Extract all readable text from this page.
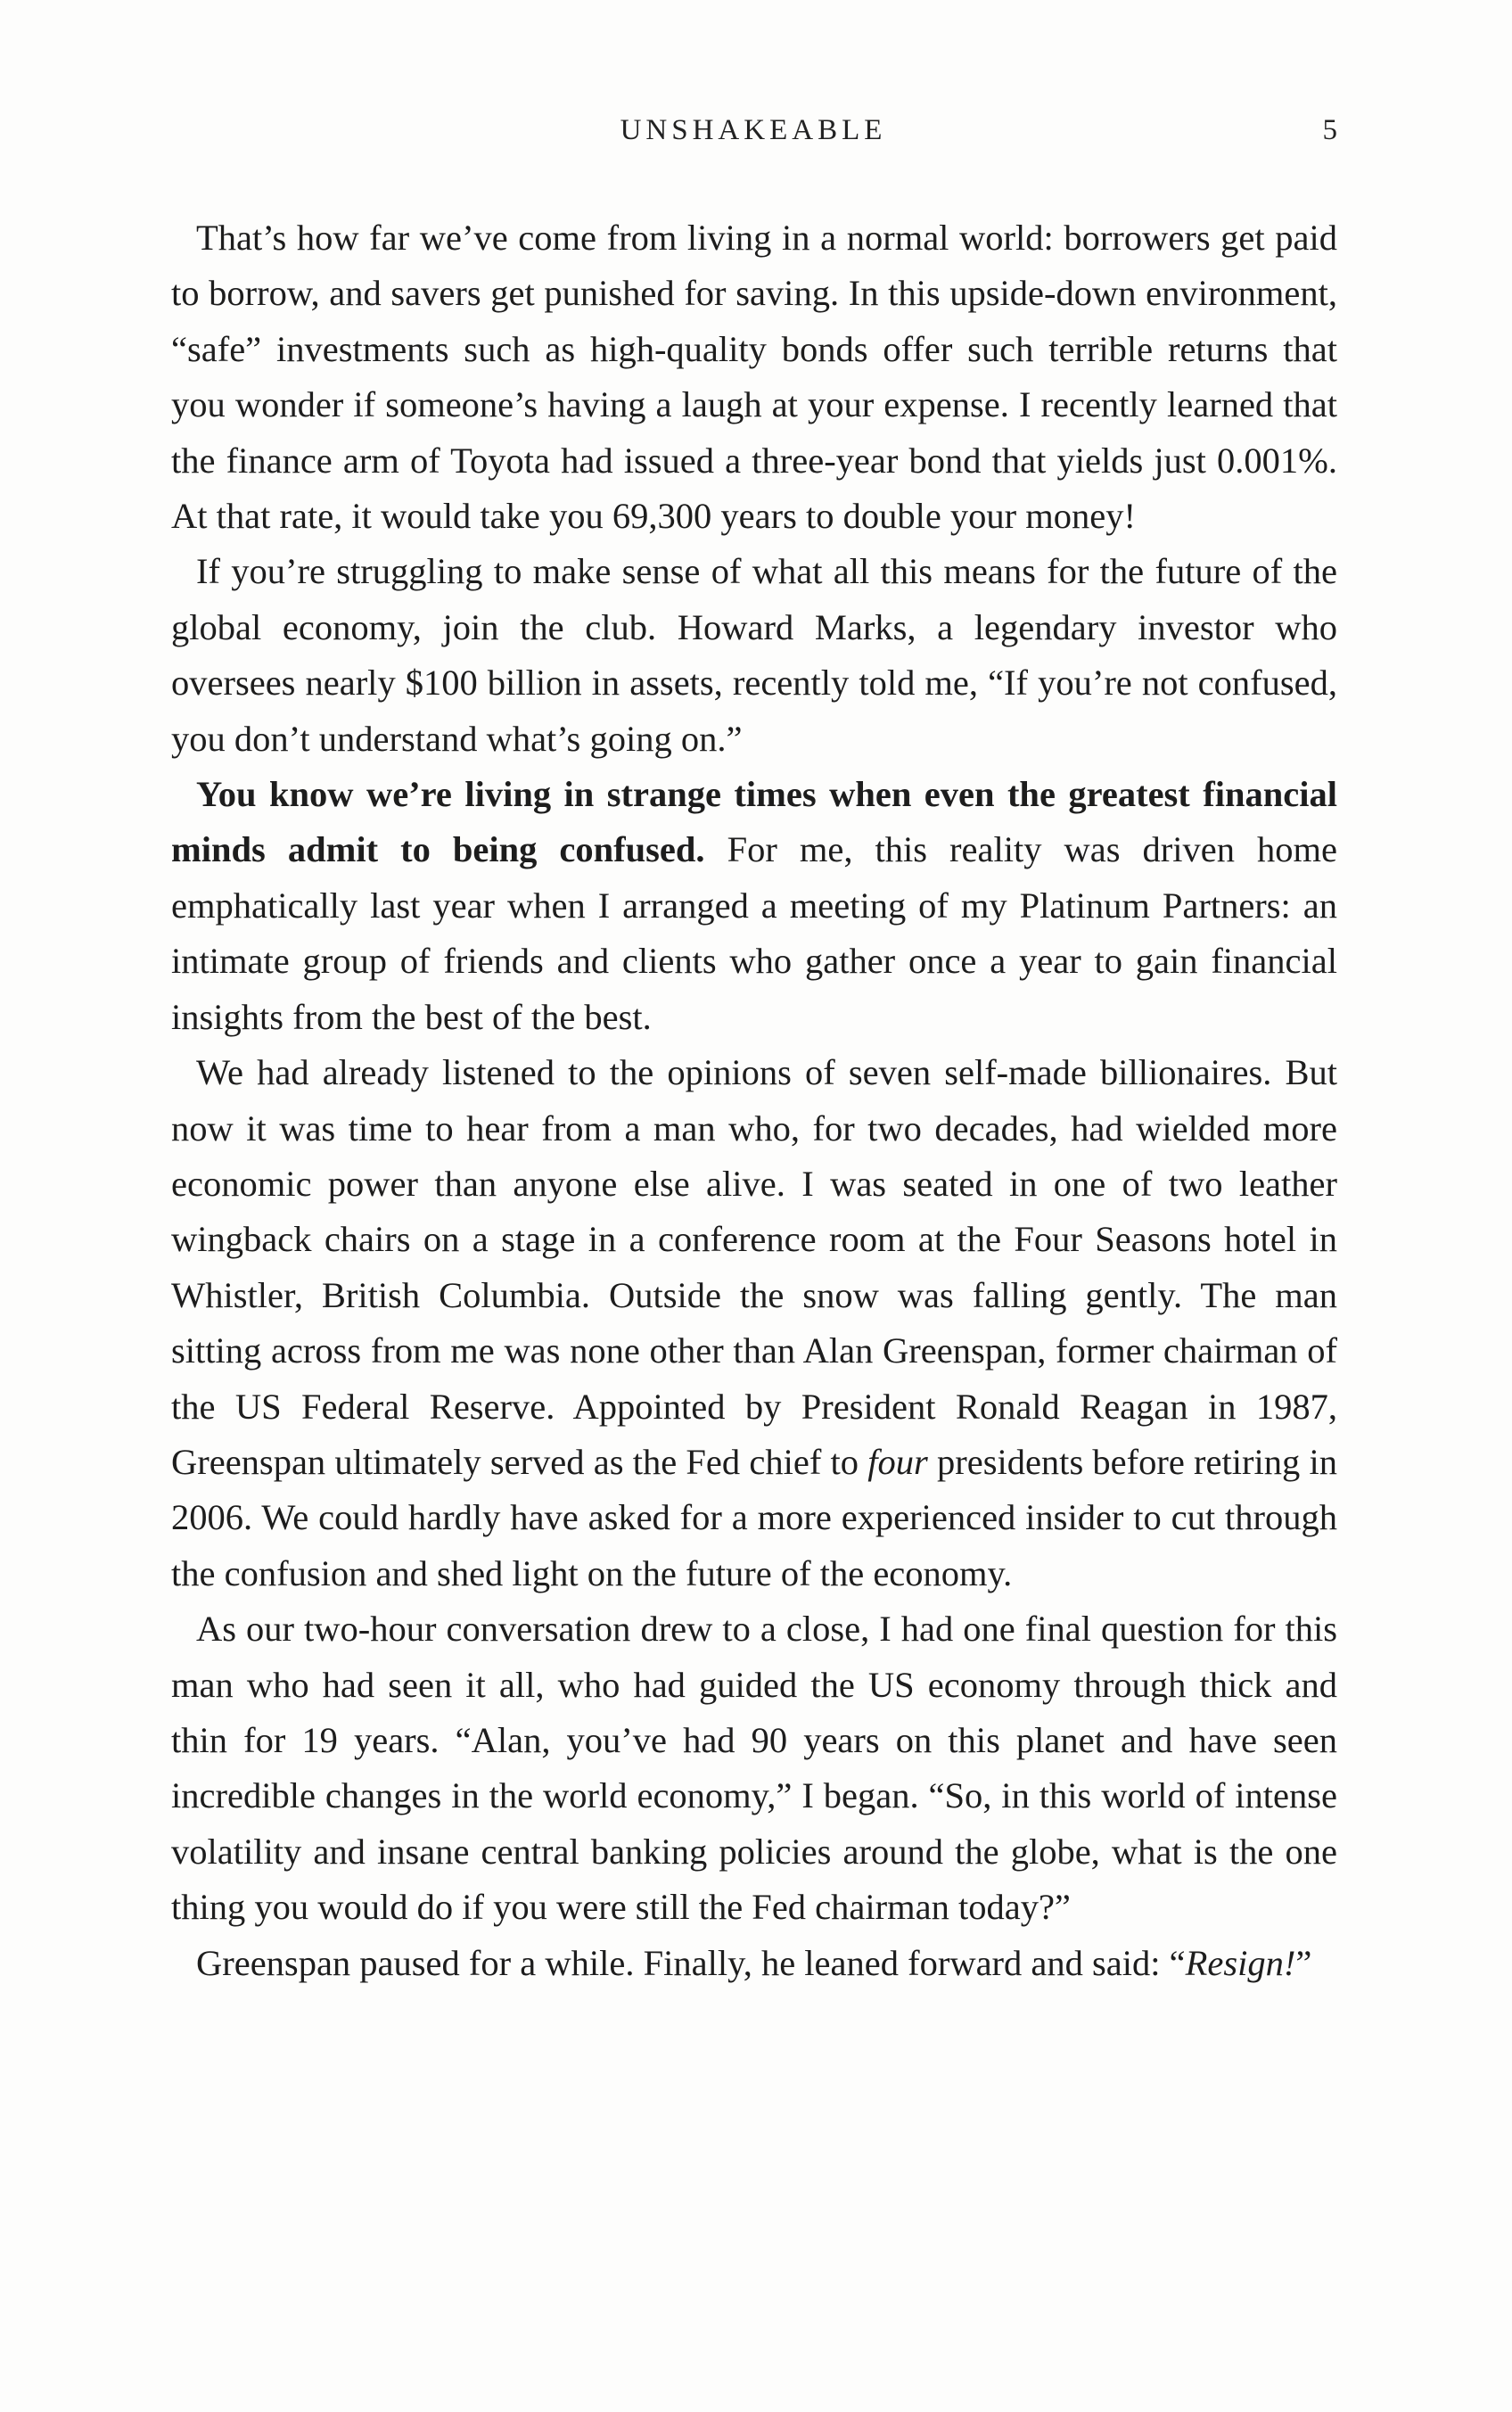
UNSHAKEABLE	5

That’s how far we’ve come from living in a normal world: borrowers get paid to borrow, and savers get punished for saving. In this upside-down environment, “safe” investments such as high-quality bonds offer such terrible returns that you wonder if someone’s having a laugh at your expense. I recently learned that the finance arm of Toyota had issued a three-year bond that yields just 0.001%. At that rate, it would take you 69,300 years to double your money!

If you’re struggling to make sense of what all this means for the future of the global economy, join the club. Howard Marks, a legendary investor who oversees nearly $100 billion in assets, recently told me, “If you’re not confused, you don’t understand what’s going on.”

You know we’re living in strange times when even the greatest financial minds admit to being confused. For me, this reality was driven home emphatically last year when I arranged a meeting of my Platinum Partners: an intimate group of friends and clients who gather once a year to gain financial insights from the best of the best.

We had already listened to the opinions of seven self-made billionaires. But now it was time to hear from a man who, for two decades, had wielded more economic power than anyone else alive. I was seated in one of two leather wingback chairs on a stage in a conference room at the Four Seasons hotel in Whistler, British Columbia. Outside the snow was falling gently. The man sitting across from me was none other than Alan Greenspan, former chairman of the US Federal Reserve. Appointed by President Ronald Reagan in 1987, Greenspan ultimately served as the Fed chief to four presidents before retiring in 2006. We could hardly have asked for a more experienced insider to cut through the confusion and shed light on the future of the economy.

As our two-hour conversation drew to a close, I had one final question for this man who had seen it all, who had guided the US economy through thick and thin for 19 years. “Alan, you’ve had 90 years on this planet and have seen incredible changes in the world economy,” I began. “So, in this world of intense volatility and insane central banking policies around the globe, what is the one thing you would do if you were still the Fed chairman today?”

Greenspan paused for a while. Finally, he leaned forward and said: “Resign!”
